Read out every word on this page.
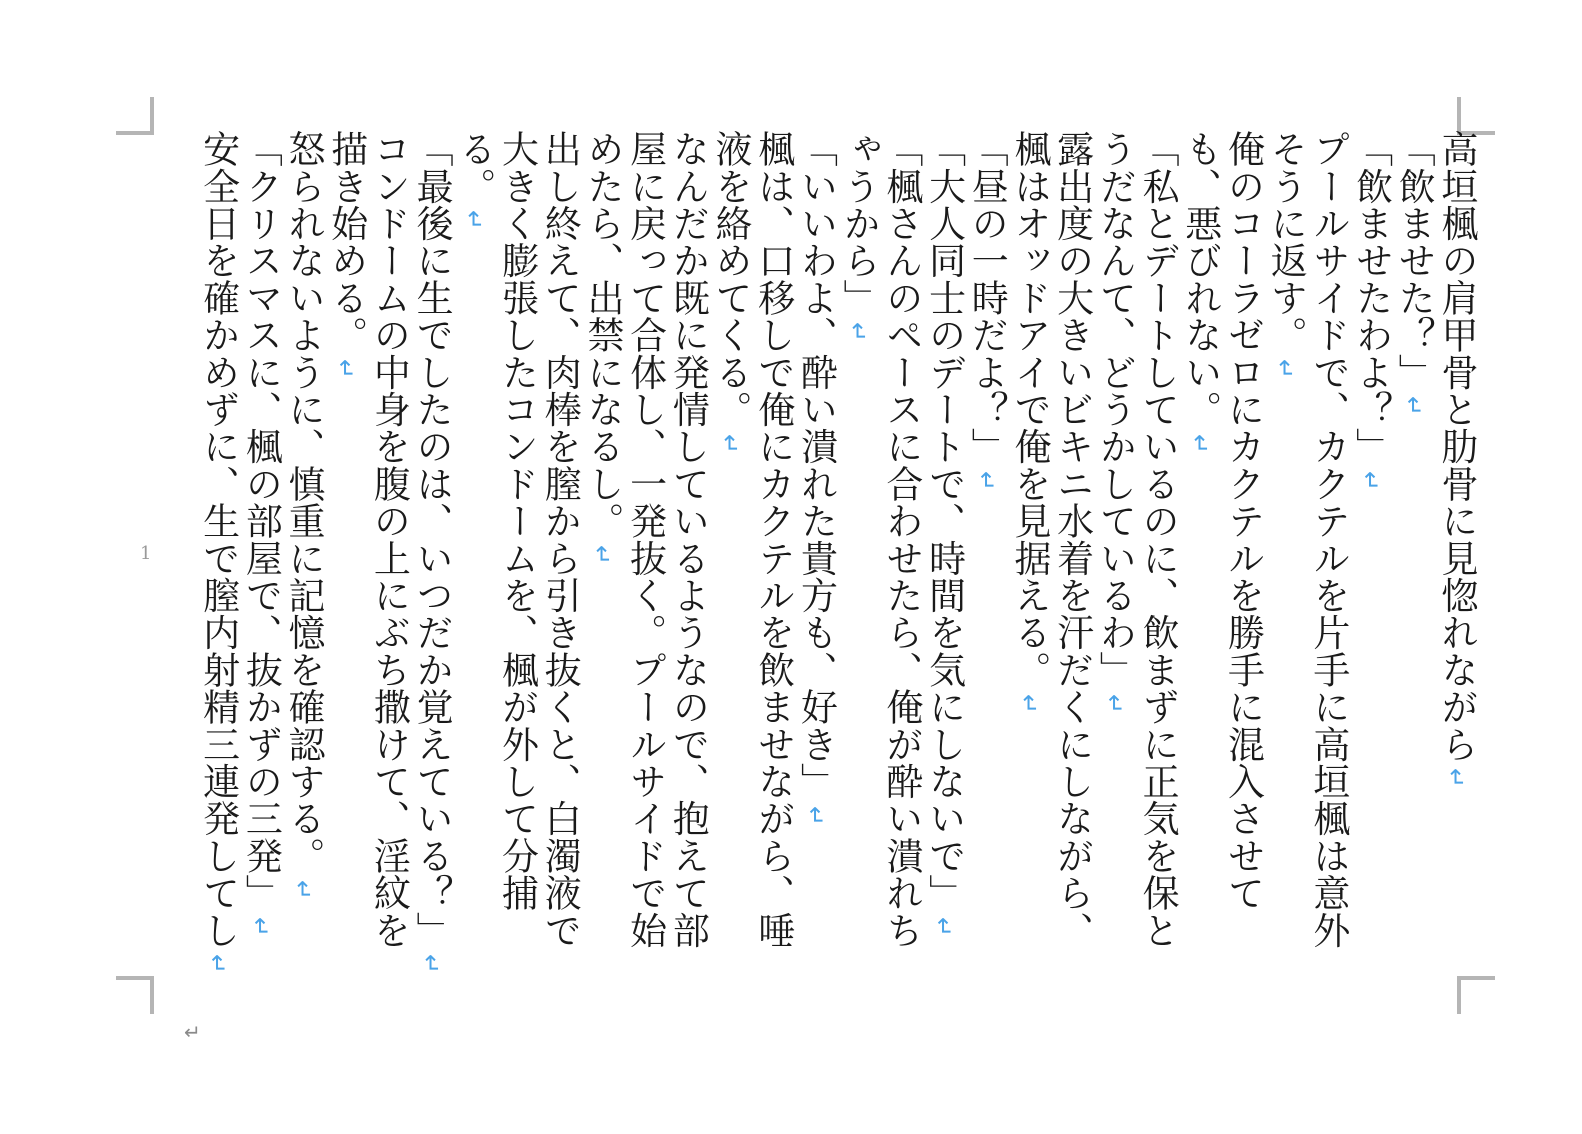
高垣楓の肩甲骨と肋骨に見惚れながら↵
「飲ませた？」↵
「飲ませたわよ？」↵
プールサイドで、カクテルを片手に高垣楓は意外そうに返す。↵
俺のコーラゼロにカクテルを勝手に混入させても、悪びれない。↵
「私とデートしているのに、飲まずに正気を保とうだなんて、どうかしているわ」↵
露出度の大きいビキニ水着を汗だくにしながら、楓はオッドアイで俺を見据える。↵
「昼の一時だよ？」↵
「大人同士のデートで、時間を気にしないで」↵
「楓さんのペースに合わせたら、俺が酔い潰れちゃうから」↵
「いいわよ、酔い潰れた貴方も、好き」↵
楓は、口移しで俺にカクテルを飲ませながら、唾液を絡めてくる。↵
なんだか既に発情しているようなので、抱えて部屋に戻って合体し、一発抜く。プールサイドで始めたら、出禁になるし。↵
出し終えて、肉棒を膣から引き抜くと、白濁液で大きく膨張したコンドームを、楓が外して分捕る。↵
「最後に生でしたのは、いつだか覚えている？」↵
コンドームの中身を腹の上にぶち撒けて、淫紋を描き始める。↵
怒られないように、慎重に記憶を確認する。↵
「クリスマスに、楓の部屋で、抜かずの三発」↵
安全日を確かめずに、生で膣内射精三連発してし↵
1
↵
